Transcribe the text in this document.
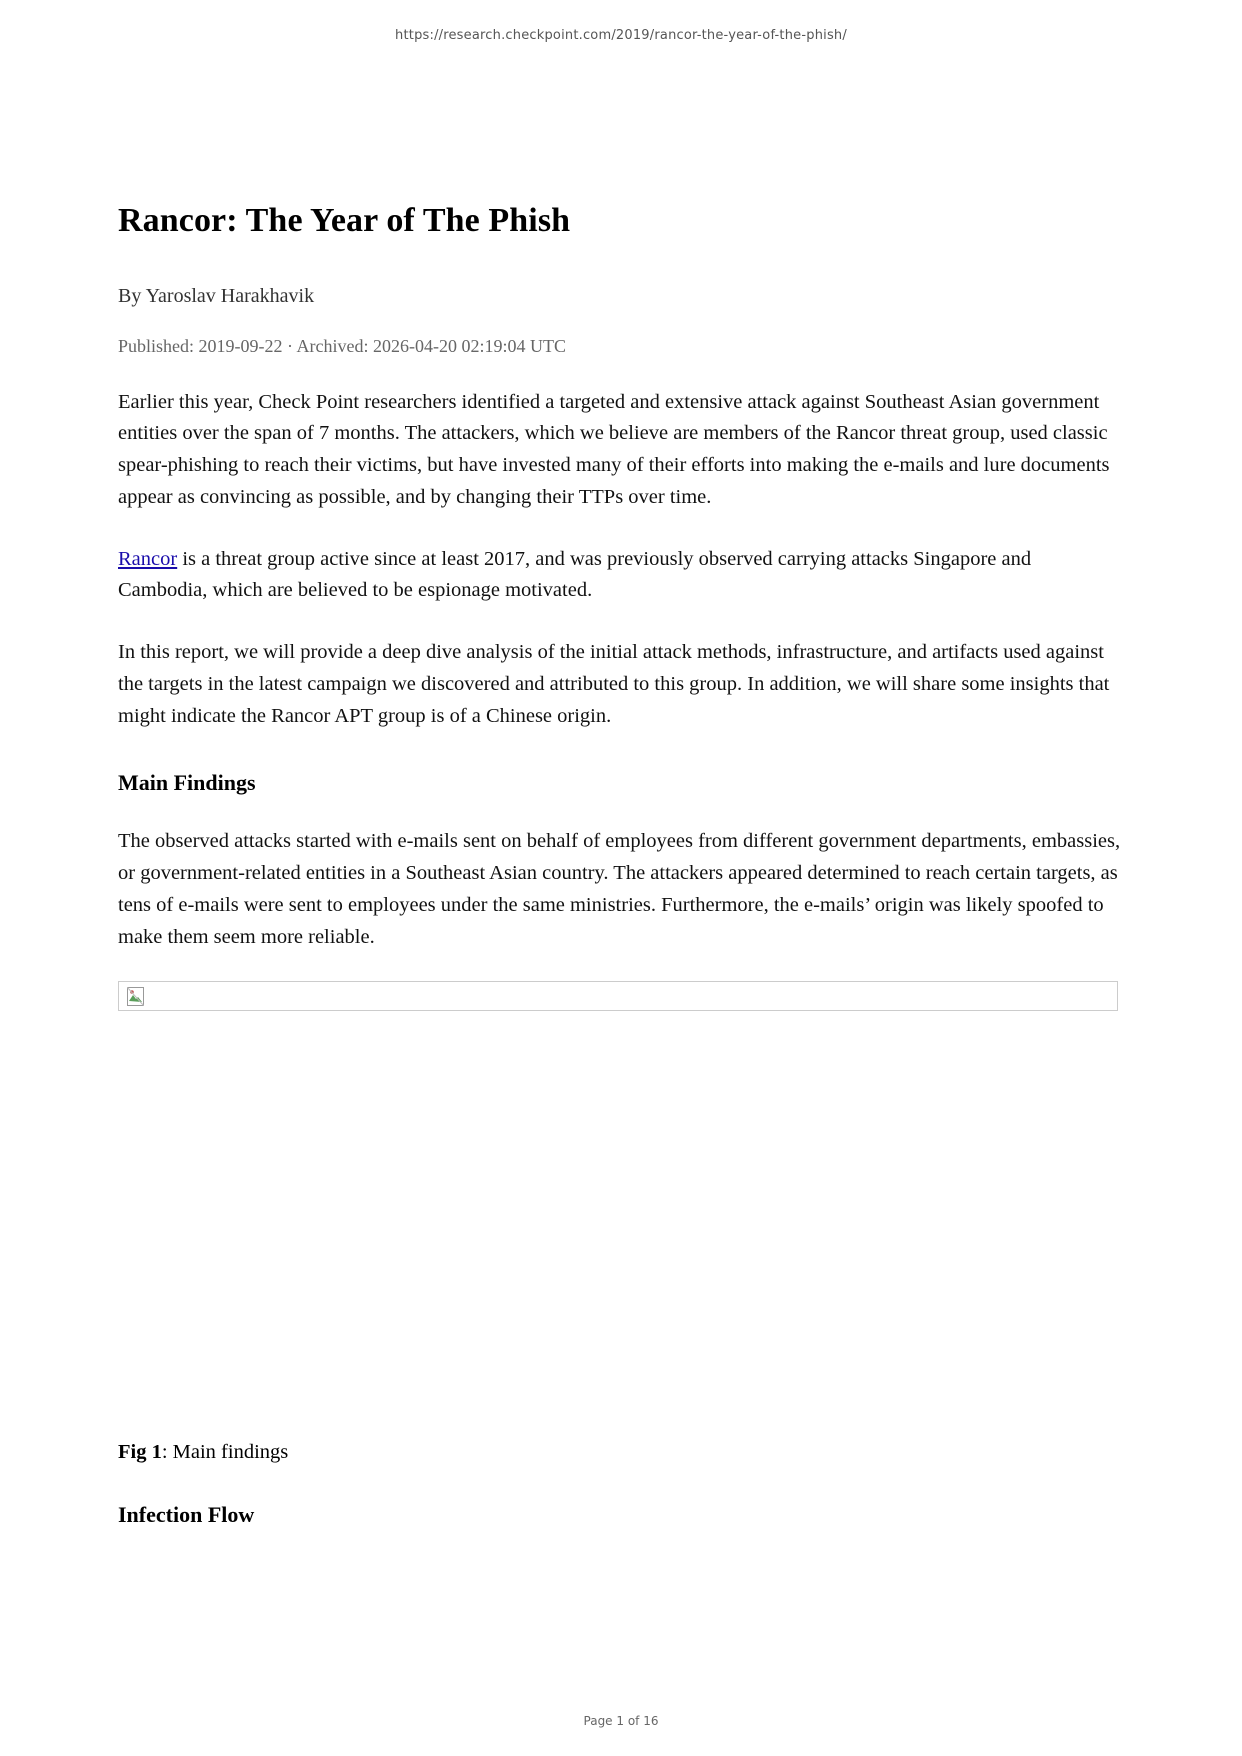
https://research.checkpoint.com/2019/rancor-the-year-of-the-phish/
Rancor: The Year of The Phish
By Yaroslav Harakhavik
Published: 2019-09-22 · Archived: 2026-04-20 02:19:04 UTC

Earlier this year, Check Point researchers identified a targeted and extensive attack against Southeast Asian government entities over the span of 7 months. The attackers, which we believe are members of the Rancor threat group, used classic spear-phishing to reach their victims, but have invested many of their efforts into making the e-mails and lure documents appear as convincing as possible, and by changing their TTPs over time.

Rancor is a threat group active since at least 2017, and was previously observed carrying attacks Singapore and Cambodia, which are believed to be espionage motivated.

In this report, we will provide a deep dive analysis of the initial attack methods, infrastructure, and artifacts used against the targets in the latest campaign we discovered and attributed to this group. In addition, we will share some insights that might indicate the Rancor APT group is of a Chinese origin.

Main Findings

The observed attacks started with e-mails sent on behalf of employees from different government departments, embassies, or government-related entities in a Southeast Asian country. The attackers appeared determined to reach certain targets, as tens of e-mails were sent to employees under the same ministries. Furthermore, the e-mails’ origin was likely spoofed to make them seem more reliable.

Fig 1: Main findings

Infection Flow
Page 1 of 16
